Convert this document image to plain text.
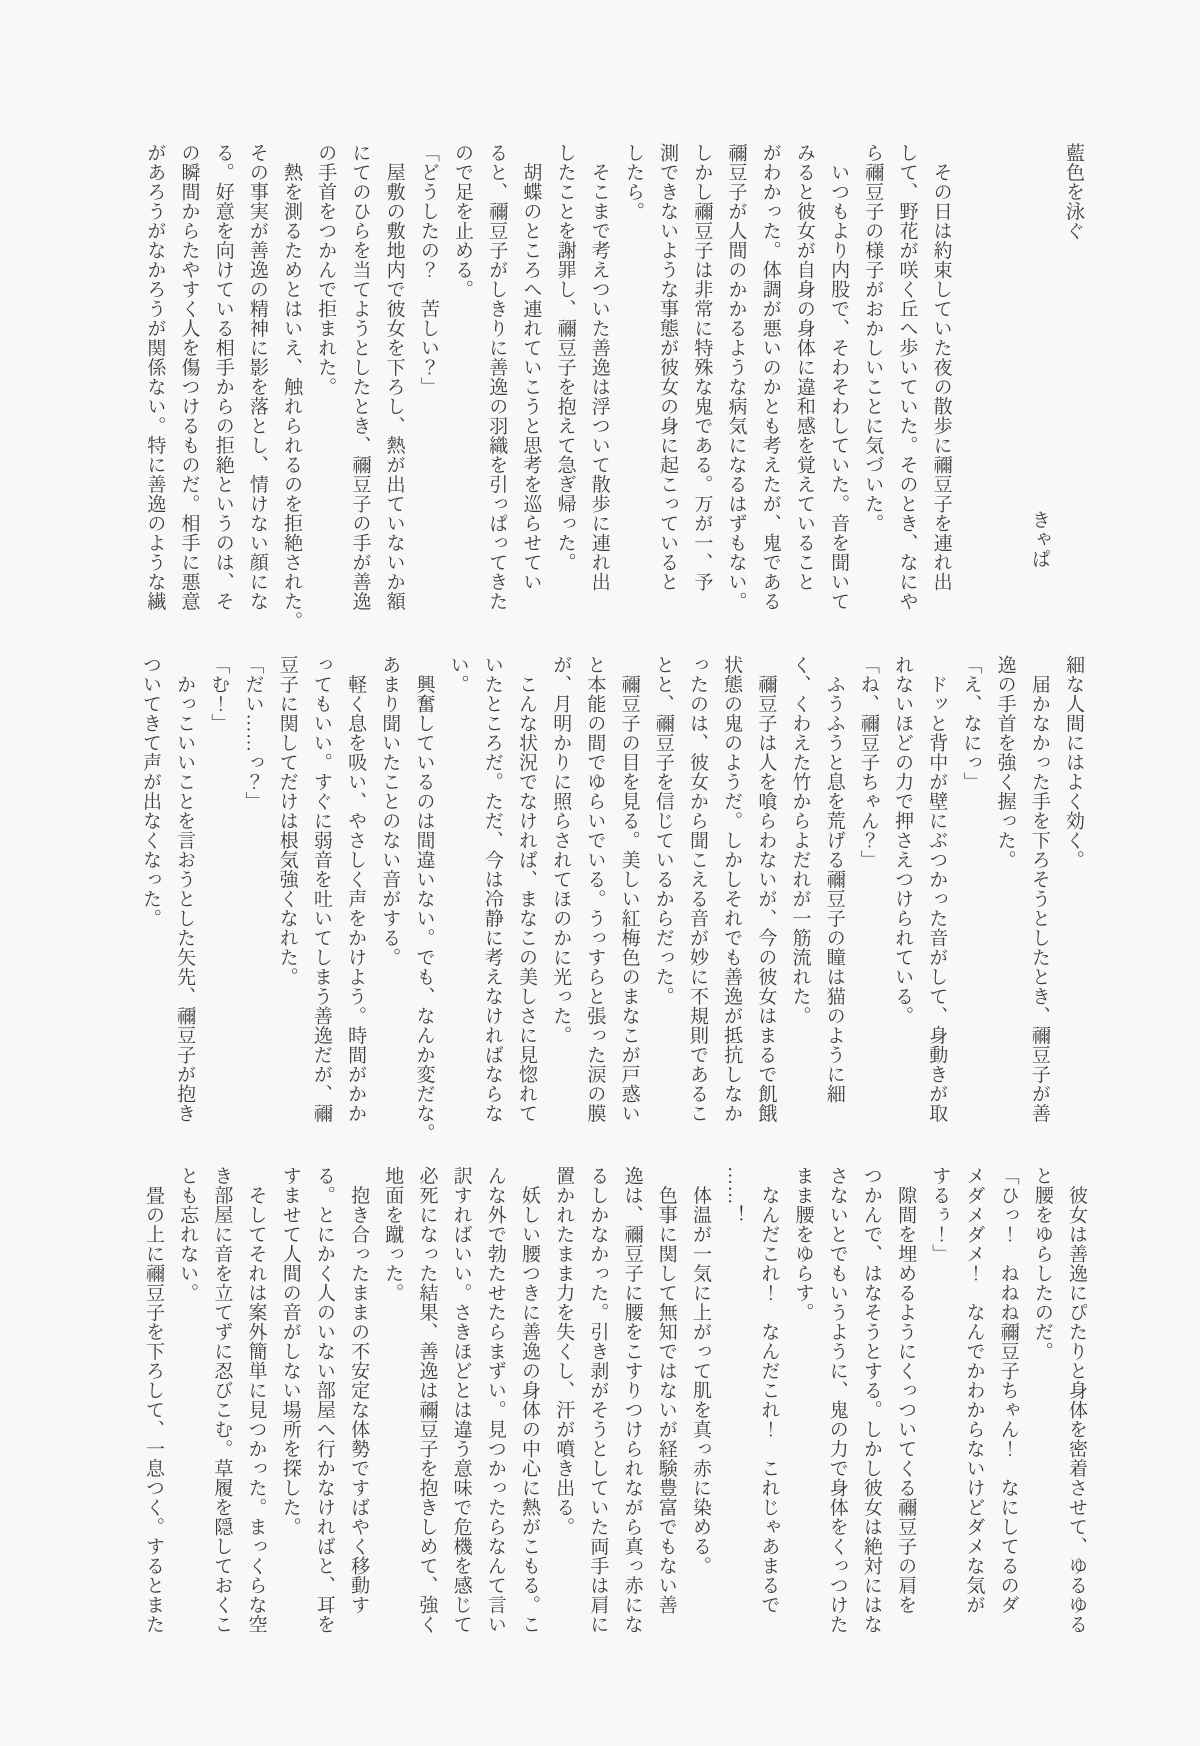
藍色を泳ぐ

きゃぱ

　その日は約束していた夜の散歩に禰豆子を連れ出

して、野花が咲く丘へ歩いていた。そのとき、なにや

ら禰豆子の様子がおかしいことに気づいた。

　いつもより内股で、そわそわしていた。音を聞いて

みると彼女が自身の身体に違和感を覚えていること

がわかった。体調が悪いのかとも考えたが、鬼である

禰豆子が人間のかかるような病気になるはずもない。

しかし禰豆子は非常に特殊な鬼である。万が一、予

測できないような事態が彼女の身に起こっていると

したら。

　そこまで考えついた善逸は浮ついて散歩に連れ出

したことを謝罪し、禰豆子を抱えて急ぎ帰った。

　胡蝶のところへ連れていこうと思考を巡らせてい

ると、禰豆子がしきりに善逸の羽織を引っぱってきた

ので足を止める。

「どうしたの？　苦しい？」

　屋敷の敷地内で彼女を下ろし、熱が出ていないか額

にてのひらを当てようとしたとき、禰豆子の手が善逸

の手首をつかんで拒まれた。

　熱を測るためとはいえ、触れられるのを拒絶された。

その事実が善逸の精神に影を落とし、情けない顔にな

る。好意を向けている相手からの拒絶というのは、そ

の瞬間からたやすく人を傷つけるものだ。相手に悪意

があろうがなかろうが関係ない。特に善逸のような繊

細な人間にはよく効く。

　届かなかった手を下ろそうとしたとき、禰豆子が善

逸の手首を強く握った。

「え、なにっ」

　ドッと背中が壁にぶつかった音がして、身動きが取

れないほどの力で押さえつけられている。

「ね、禰豆子ちゃん？」

　ふうふうと息を荒げる禰豆子の瞳は猫のように細

く、くわえた竹からよだれが一筋流れた。

　禰豆子は人を喰らわないが、今の彼女はまるで飢餓

状態の鬼のようだ。しかしそれでも善逸が抵抗しなか

ったのは、彼女から聞こえる音が妙に不規則であるこ

とと、禰豆子を信じているからだった。

　禰豆子の目を見る。美しい紅梅色のまなこが戸惑い

と本能の間でゆらいでいる。うっすらと張った涙の膜

が、月明かりに照らされてほのかに光った。

　こんな状況でなければ、まなこの美しさに見惚れて

いたところだ。ただ、今は冷静に考えなければならな

い。

　興奮しているのは間違いない。でも、なんか変だな。

あまり聞いたことのない音がする。

　軽く息を吸い、やさしく声をかけよう。時間がかか

ってもいい。すぐに弱音を吐いてしまう善逸だが、禰

豆子に関してだけは根気強くなれた。

「だい……っ？」

「む！」

　かっこいいことを言おうとした矢先、禰豆子が抱き

ついてきて声が出なくなった。

　彼女は善逸にぴたりと身体を密着させて、ゆるゆる

と腰をゆらしたのだ。

「ひっ！　ねねね禰豆子ちゃん！　なにしてるのダ

メダメダメ！　なんでかわからないけどダメな気が

するぅ！」

　隙間を埋めるようにくっついてくる禰豆子の肩を

つかんで、はなそうとする。しかし彼女は絶対にはな

さないとでもいうように、鬼の力で身体をくっつけた

まま腰をゆらす。

　なんだこれ！　なんだこれ！　これじゃあまるで

……！

　体温が一気に上がって肌を真っ赤に染める。

　色事に関して無知ではないが経験豊富でもない善

逸は、禰豆子に腰をこすりつけられながら真っ赤にな

るしかなかった。引き剥がそうとしていた両手は肩に

置かれたまま力を失くし、汗が噴き出る。

　妖しい腰つきに善逸の身体の中心に熱がこもる。こ

んな外で勃たせたらまずい。見つかったらなんて言い

訳すればいい。さきほどとは違う意味で危機を感じて

必死になった結果、善逸は禰豆子を抱きしめて、強く

地面を蹴った。

　抱き合ったままの不安定な体勢ですばやく移動す

る。とにかく人のいない部屋へ行かなければと、耳を

すませて人間の音がしない場所を探した。

　そしてそれは案外簡単に見つかった。まっくらな空

き部屋に音を立てずに忍びこむ。草履を隠しておくこ

とも忘れない。

　畳の上に禰豆子を下ろして、一息つく。するとまた
